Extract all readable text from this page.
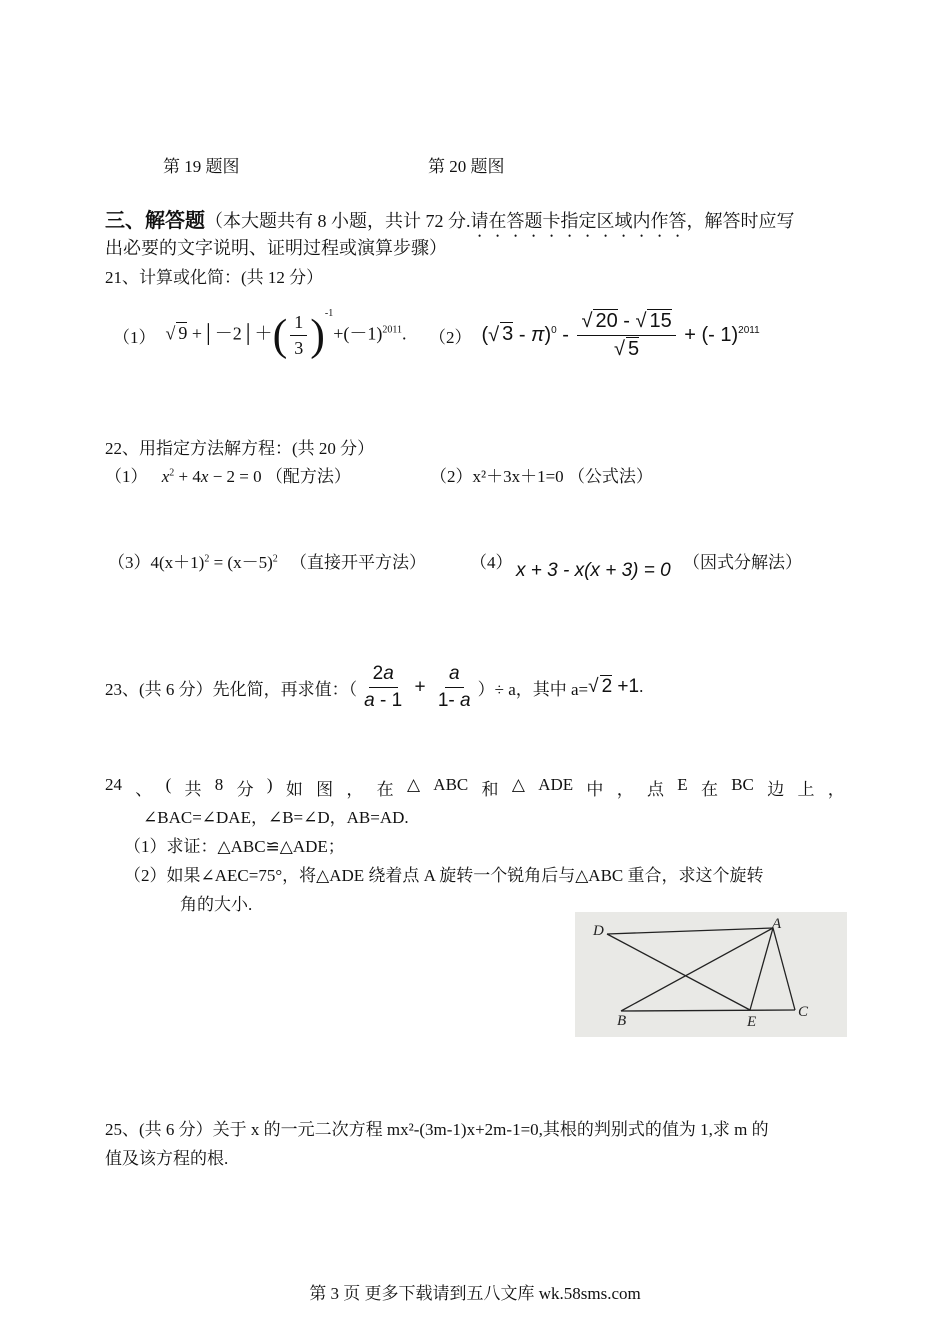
第 19 题图	第 20 题图
三、解答题（本大题共有 8 小题，共计 72 分.请在答题卡指定区域内作答，解答时应写
出必要的文字说明、证明过程或演算步骤）
21、计算或化简：(共 12 分）
（1） √ 9 +│－2│＋( $\frac{1}{3} )^{-1}+(-1)^{2011}$. （2） (√ $3 - \pi)^0 - \frac{√ 20 - √ 15}{√ 5}$ + (- 1)$^{2011}$
22、用指定方法解方程：(共 20 分）
（1） $x^2 + 4x - 2 = 0$ （配方法）	（2）x²＋3x＋1=0 （公式法）
$(3)4(x+1)^2 = (x-5)^2$ （直接开平方法）	（4） x + 3 - x(x + 3) = 0 （因式分解法）
23、(共 6 分）先化简，再求值：（ $\frac{2a}{a - 1} + \frac{a}{1- a}$ ）÷ a，其中 a= √ 2 +1 .
24 、 ( 共 8 分 ) 如 图 ， 在 △ ABC 和 △ ADE 中 ， 点 E 在 BC 边 上 ，
∠BAC=∠DAE，∠B=∠D，AB=AD.
（1）求证：△ABC≌△ADE；
（2）如果∠AEC=75°，将△ADE 绕着点 A 旋转一个锐角后与△ABC 重合，求这个旋转
角的大小.
D	A
B	E
C
25、(共 6 分）关于 x 的一元二次方程 mx²-(3m-1)x+2m-1=0,其根的判别式的值为 1,求 m 的
值及该方程的根.
第 3 页 更多下载请到五八文库 wk.58sms.com
